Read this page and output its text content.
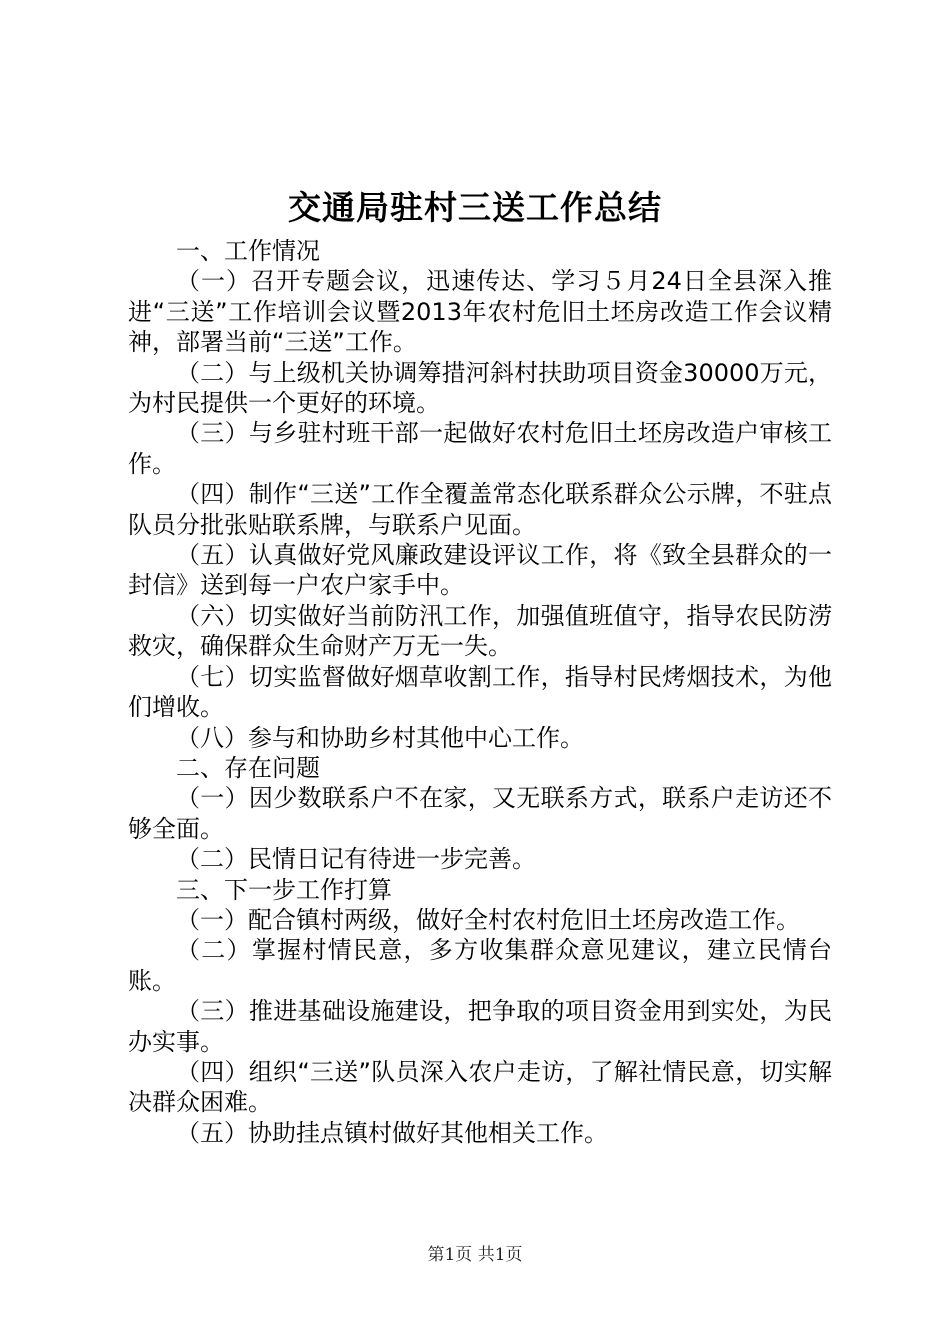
交通局驻村三送工作总结

一、工作情况

（一）召开专题会议，迅速传达、学习５月24日全县深入推进“三送”工作培训会议暨2013年农村危旧土坯房改造工作会议精神，部署当前“三送”工作。

（二）与上级机关协调筹措河斜村扶助项目资金30000万元，为村民提供一个更好的环境。

（三）与乡驻村班干部一起做好农村危旧土坯房改造户审核工作。

（四）制作“三送”工作全覆盖常态化联系群众公示牌，不驻点队员分批张贴联系牌，与联系户见面。

（五）认真做好党风廉政建设评议工作，将《致全县群众的一封信》送到每一户农户家手中。

（六）切实做好当前防汛工作，加强值班值守，指导农民防涝救灾，确保群众生命财产万无一失。

（七）切实监督做好烟草收割工作，指导村民烤烟技术，为他们增收。

（八）参与和协助乡村其他中心工作。

二、存在问题

（一）因少数联系户不在家，又无联系方式，联系户走访还不够全面。

（二）民情日记有待进一步完善。

三、下一步工作打算

（一）配合镇村两级，做好全村农村危旧土坯房改造工作。

（二）掌握村情民意，多方收集群众意见建议，建立民情台账。

（三）推进基础设施建设，把争取的项目资金用到实处，为民办实事。

（四）组织“三送”队员深入农户走访，了解社情民意，切实解决群众困难。

（五）协助挂点镇村做好其他相关工作。

第1页 共1页
